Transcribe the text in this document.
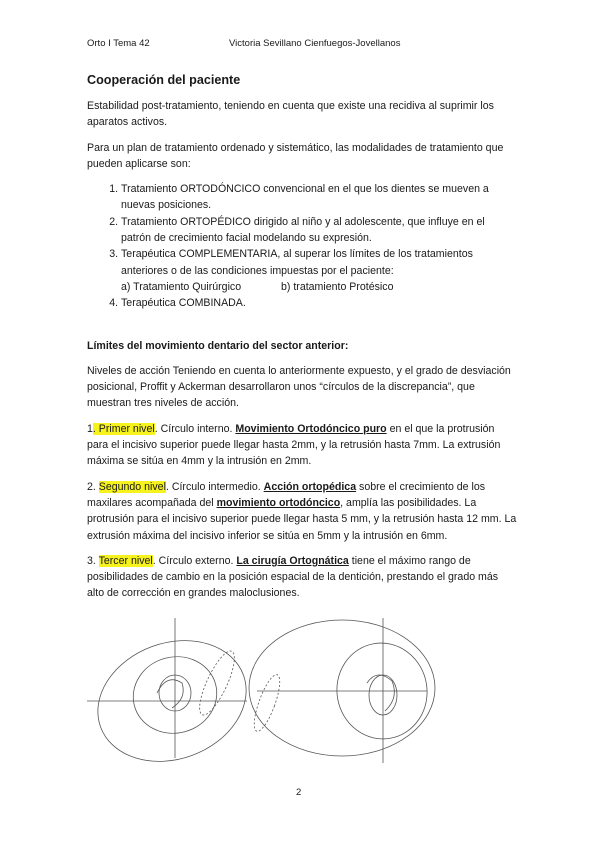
Orto I Tema 42	Victoria Sevillano Cienfuegos-Jovellanos
Cooperación del paciente

Estabilidad post-tratamiento, teniendo en cuenta que existe una recidiva al suprimir los aparatos activos.

Para un plan de tratamiento ordenado y sistemático, las modalidades de tratamiento que pueden aplicarse son:

1. Tratamiento ORTODÓNCICO convencional en el que los dientes se mueven a nuevas posiciones.
2. Tratamiento ORTOPÉDICO dirigido al niño y al adolescente, que influye en el patrón de crecimiento facial modelando su expresión.
3. Terapéutica COMPLEMENTARIA, al superar los límites de los tratamientos anteriores o de las condiciones impuestas por el paciente:
a) Tratamiento Quirúrgico	b) tratamiento Protésico
4. Terapéutica COMBINADA.
Límites del movimiento dentario del sector anterior:

Niveles de acción Teniendo en cuenta lo anteriormente expuesto, y el grado de desviación posicional, Proffit y Ackerman desarrollaron unos “círculos de la discrepancia”, que muestran tres niveles de acción.

1. Primer nivel. Círculo interno. Movimiento Ortodóncico puro en el que la protrusión para el incisivo superior puede llegar hasta 2mm, y la retrusión hasta 7mm. La extrusión máxima se sitúa en 4mm y la intrusión en 2mm.

2. Segundo nivel. Círculo intermedio. Acción ortopédica sobre el crecimiento de los maxilares acompañada del movimiento ortodóncico, amplía las posibilidades. La protrusión para el incisivo superior puede llegar hasta 5 mm, y la retrusión hasta 12 mm. La extrusión máxima del incisivo inferior se sitúa en 5mm y la intrusión en 6mm.

3. Tercer nivel. Círculo externo. La cirugía Ortognática tiene el máximo rango de posibilidades de cambio en la posición espacial de la dentición, prestando el grado más alto de corrección en grandes maloclusiones.

2
